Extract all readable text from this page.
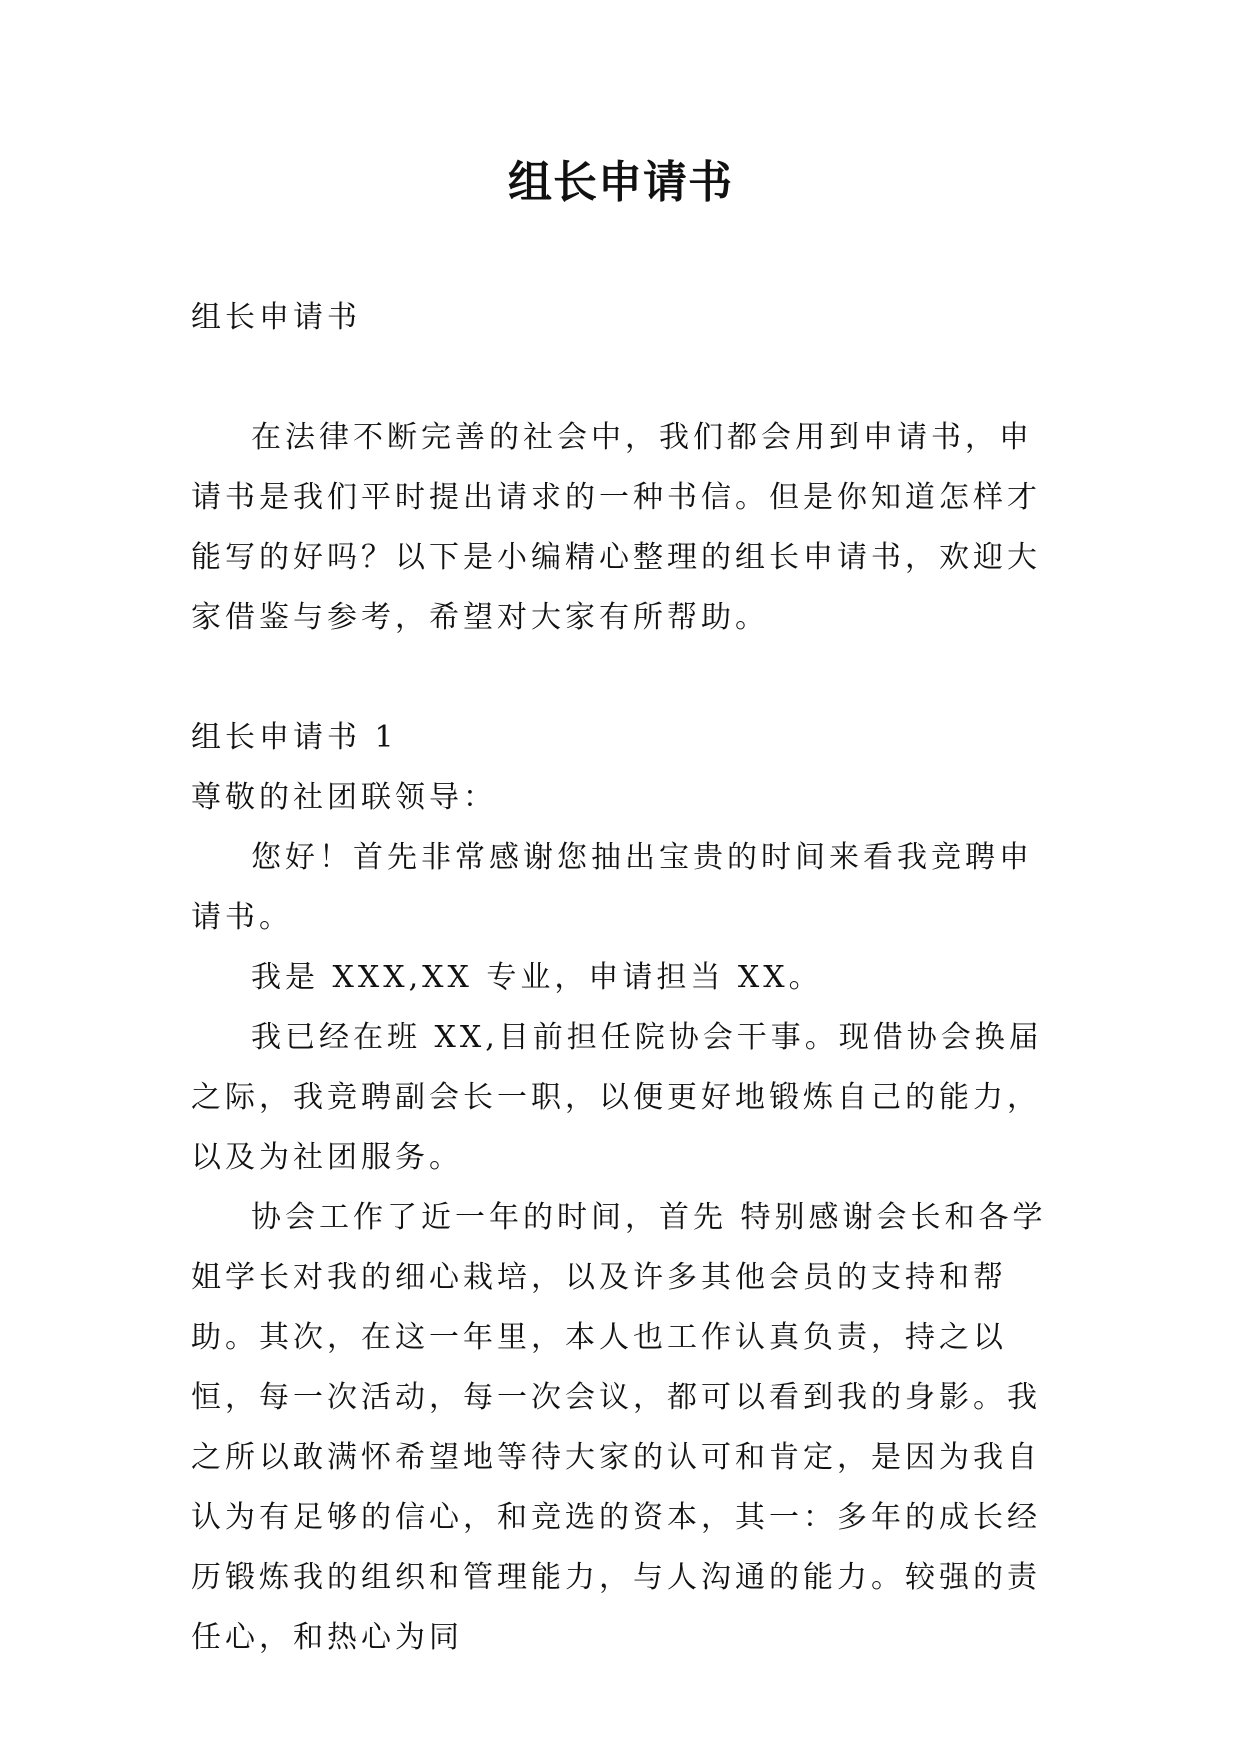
组长申请书

组长申请书

在法律不断完善的社会中，我们都会用到申请书，申请书是我们平时提出请求的一种书信。但是你知道怎样才能写的好吗？以下是小编精心整理的组长申请书，欢迎大家借鉴与参考，希望对大家有所帮助。

组长申请书 1

尊敬的社团联领导：

您好！首先非常感谢您抽出宝贵的时间来看我竞聘申请书。

我是 XXX,XX 专业，申请担当 XX。

我已经在班 XX,目前担任院协会干事。现借协会换届之际，我竞聘副会长一职，以便更好地锻炼自己的能力，以及为社团服务。

协会工作了近一年的时间，首先 特别感谢会长和各学姐学长对我的细心栽培，以及许多其他会员的支持和帮助。其次，在这一年里，本人也工作认真负责，持之以恒，每一次活动，每一次会议，都可以看到我的身影。我之所以敢满怀希望地等待大家的认可和肯定，是因为我自认为有足够的信心，和竞选的资本，其一：多年的成长经历锻炼我的组织和管理能力，与人沟通的能力。较强的责任心，和热心为同
